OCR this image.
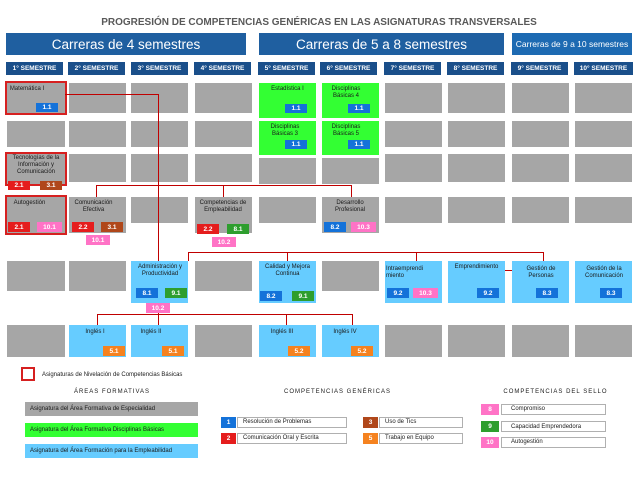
PROGRESIÓN DE COMPETENCIAS GENÉRICAS EN LAS ASIGNATURAS TRANSVERSALES
Carreras de 4 semestres	Carreras de 5 a 8 semestres	Carreras de 9 a 10 semestres
1° SEMESTRE	2° SEMESTRE	3° SEMESTRE	4° SEMESTRE	5° SEMESTRE	6° SEMESTRE	7° SEMESTRE	8° SEMESTRE	9° SEMESTRE	10° SEMESTRE
Matemática I	Estadística I	Disciplinas Básicas 4
Disciplinas Básicas 3
Disciplinas Básicas 5
Tecnologías de la Información y Comunicación
Autogestión	Comunicación Efectiva
Competencias de Empleabilidad
Desarrollo Profesional
Administración y Productividad
Calidad y Mejora Continua
Intraemprendi miento
Emprendimiento	Gestión de Personas
Gestión de la Comunicación
Inglés I	Inglés II	Inglés III	Inglés IV
1.1	1.1	1.1
1.1	1.1
2.1	3.1
2.1	10.1	2.2	3.1
10.1
2.2	8.1
10.2
8.2	10.3
8.1	9.1
10.2
8.2	9.1	9.2	10.3	9.2	8.3	8.3
5.1	5.1	5.2	5.2
Asignaturas de Nivelación de Competencias Básicas
ÁREAS FORMATIVAS
Asignatura del Área Formativa de Especialidad
Asignatura del Área Formativa Disciplinas Básicas
Asignatura del Área Formación para la Empleabilidad
COMPETENCIAS GENÉRICAS
1	Resolución de Problemas
2	Comunicación Oral y Escrita
3	Uso de Tics
5	Trabajo en Equipo
COMPETENCIAS DEL SELLO
8	Compromiso
9	Capacidad Emprendedora
10	Autogestión
